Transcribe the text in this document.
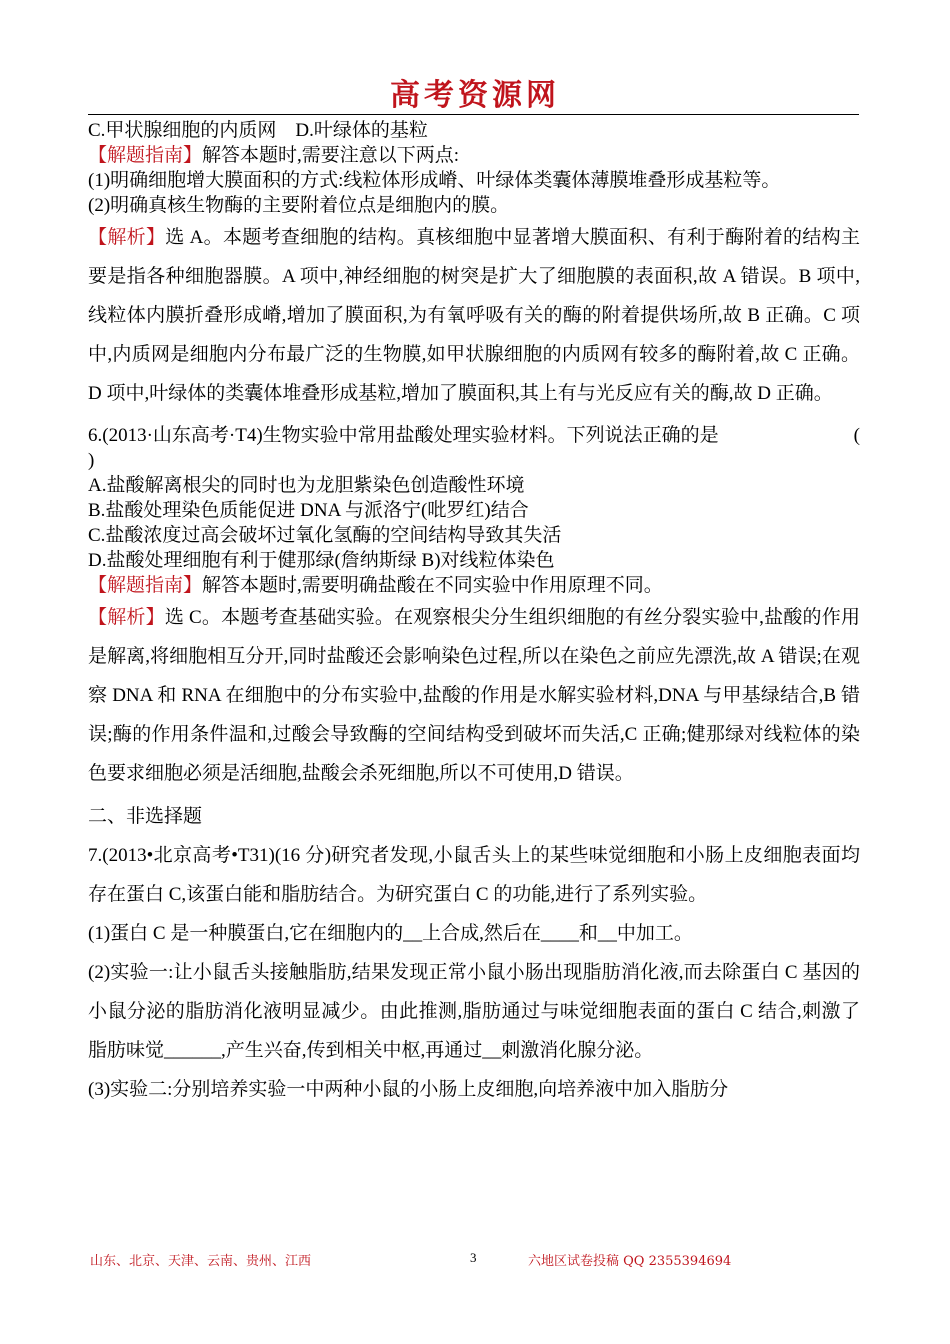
高考资源网
C.甲状腺细胞的内质网　D.叶绿体的基粒
【解题指南】解答本题时,需要注意以下两点:
(1)明确细胞增大膜面积的方式:线粒体形成嵴、叶绿体类囊体薄膜堆叠形成基粒等。
(2)明确真核生物酶的主要附着位点是细胞内的膜。
【解析】选 A。本题考查细胞的结构。真核细胞中显著增大膜面积、有利于酶附着的结构主要是指各种细胞器膜。A 项中,神经细胞的树突是扩大了细胞膜的表面积,故 A 错误。B 项中,线粒体内膜折叠形成嵴,增加了膜面积,为有氧呼吸有关的酶的附着提供场所,故 B 正确。C 项中,内质网是细胞内分布最广泛的生物膜,如甲状腺细胞的内质网有较多的酶附着,故 C 正确。D 项中,叶绿体的类囊体堆叠形成基粒,增加了膜面积,其上有与光反应有关的酶,故 D 正确。
6.(2013·山东高考·T4)生物实验中常用盐酸处理实验材料。下列说法正确的是	(
)
A.盐酸解离根尖的同时也为龙胆紫染色创造酸性环境
B.盐酸处理染色质能促进 DNA 与派洛宁(吡罗红)结合
C.盐酸浓度过高会破坏过氧化氢酶的空间结构导致其失活
D.盐酸处理细胞有利于健那绿(詹纳斯绿 B)对线粒体染色
【解题指南】解答本题时,需要明确盐酸在不同实验中作用原理不同。
【解析】选 C。本题考查基础实验。在观察根尖分生组织细胞的有丝分裂实验中,盐酸的作用是解离,将细胞相互分开,同时盐酸还会影响染色过程,所以在染色之前应先漂洗,故 A 错误;在观察 DNA 和 RNA 在细胞中的分布实验中,盐酸的作用是水解实验材料,DNA 与甲基绿结合,B 错误;酶的作用条件温和,过酸会导致酶的空间结构受到破坏而失活,C 正确;健那绿对线粒体的染色要求细胞必须是活细胞,盐酸会杀死细胞,所以不可使用,D 错误。
二、非选择题
7.(2013•北京高考•T31)(16 分)研究者发现,小鼠舌头上的某些味觉细胞和小肠上皮细胞表面均存在蛋白 C,该蛋白能和脂肪结合。为研究蛋白 C 的功能,进行了系列实验。
(1)蛋白 C 是一种膜蛋白,它在细胞内的__上合成,然后在____和__中加工。
(2)实验一:让小鼠舌头接触脂肪,结果发现正常小鼠小肠出现脂肪消化液,而去除蛋白 C 基因的小鼠分泌的脂肪消化液明显减少。由此推测,脂肪通过与味觉细胞表面的蛋白 C 结合,刺激了脂肪味觉______,产生兴奋,传到相关中枢,再通过__刺激消化腺分泌。
(3)实验二:分别培养实验一中两种小鼠的小肠上皮细胞,向培养液中加入脂肪分
山东、北京、天津、云南、贵州、江西	3	六地区试卷投稿 QQ 2355394694
